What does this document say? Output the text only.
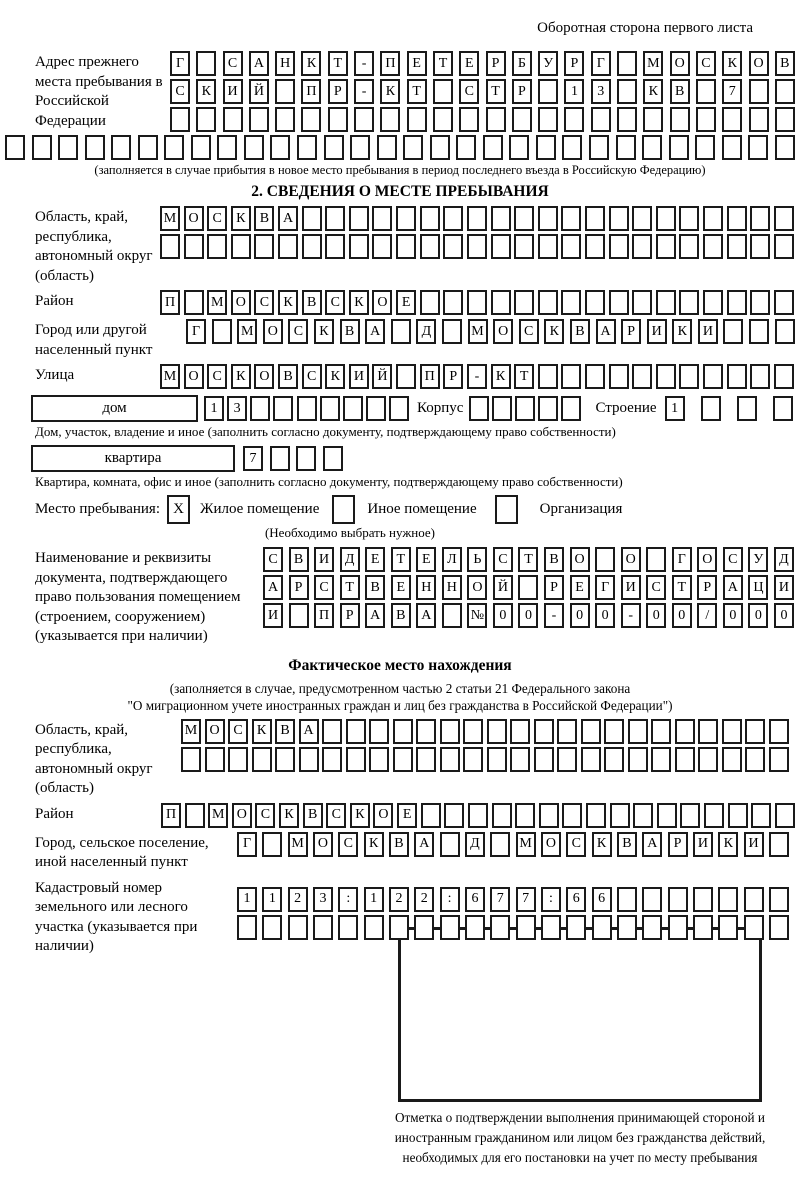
Оборотная сторона первого листа
Адрес прежнего места пребывания в Российской Федерации
Г	С	А	Н	К	Т	-	П	Е	Т	Е	Р	Б	У	Р	Г	М	О	С	К	О	В
С	К	И	Й	П	Р	-	К	Т	С	Т	Р	1	3	К	В	7
(заполняется в случае прибытия в новое место пребывания в период последнего въезда в Российскую Федерацию)
2. СВЕДЕНИЯ О МЕСТЕ ПРЕБЫВАНИЯ
Область, край, республика, автономный округ (область)
М О С	К	В А
Район	П	М О С	К	В	С	К О	Е
Город или другой населенный пункт
Г	М	О	С	К	В	А	Д	М	О	С	К	В	А	Р	И	К	И
Улица	М О С	К О В	С	К И Й	П	Р	-	К	Т
дом	1	3	Корпус	Строение	1
Дом, участок, владение и иное (заполнить согласно документу, подтверждающему право собственности)
квартира	7
Квартира, комната, офис и иное (заполнить согласно документу, подтверждающему право собственности)
Место пребывания: X	Жилое помещение	Иное помещение	Организация
(Необходимо выбрать нужное)
Наименование и реквизиты документа, подтверждающего право пользования помещением (строением, сооружением) (указывается при наличии)
С	В	И	Д	Е	Т	Е	Л	Ь	С	Т	В	О	О	Г	О	С	У	Д
А	Р	С	Т	В	Е	Н	Н	О	Й	Р	Е	Г	И	С	Т	Р	А	Ц	И
И	П	Р	А	В	А	№	0	0	-	0	0	-	0	0	/	0	0	0
Фактическое место нахождения
(заполняется в случае, предусмотренном частью 2 статьи 21 Федерального закона
"О миграционном учете иностранных граждан и лиц без гражданства в Российской Федерации")
Область, край, республика, автономный округ (область)
М О С	К	В А
Район	П	М О С	К	В	С	К О	Е
Город, сельское поселение, иной населенный пункт
Г	М	О	С	К	В	А	Д	М	О	С	К	В	А	Р	И	К	И
Кадастровый номер земельного или лесного участка (указывается при наличии)
1	1	2	3	:	1	2	2	:	6	7	7	:	6	6
Отметка о подтверждении выполнения принимающей стороной и иностранным гражданином или лицом без гражданства действий, необходимых для его постановки на учет по месту пребывания
